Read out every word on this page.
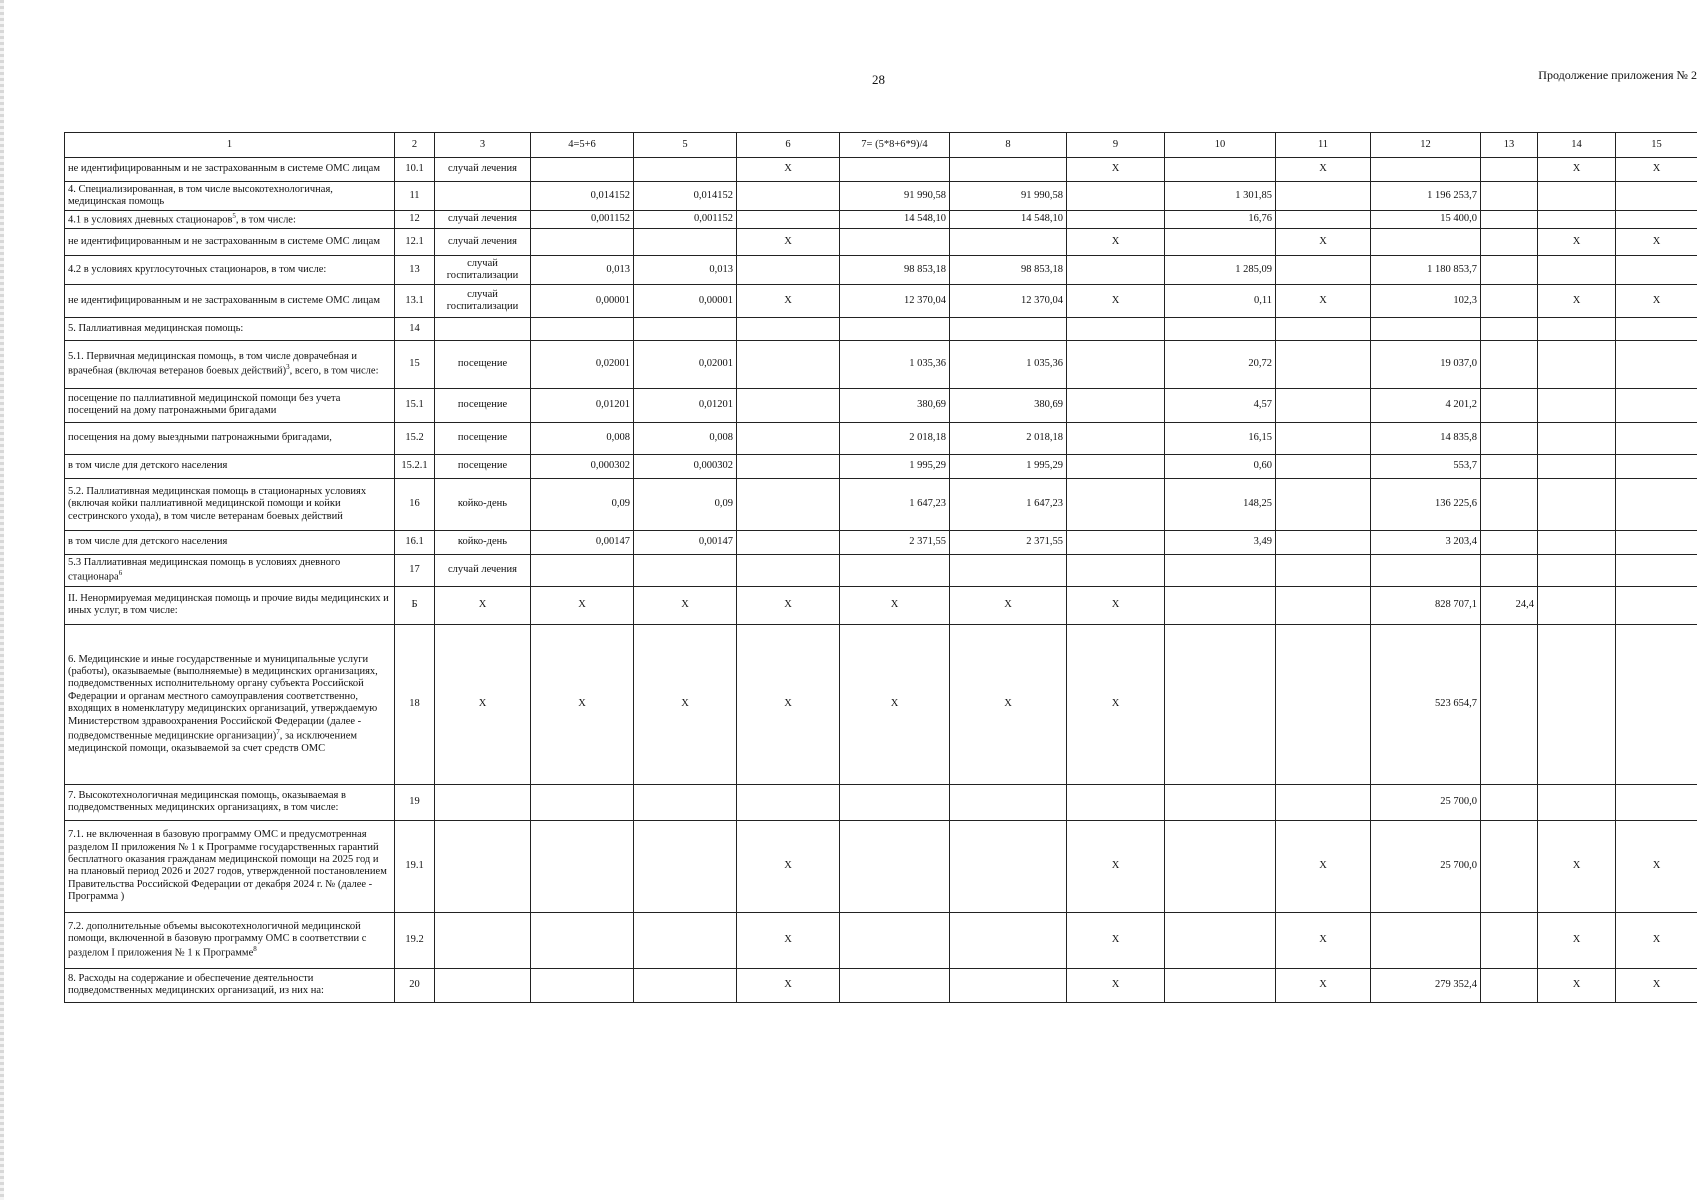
28	Продолжение приложения № 2
1	2	3	4=5+6	5	6	7= (5*8+6*9)/4	8	9	10	11	12	13	14	15
не идентифицированным и не застрахованным в системе ОМС лицам	10.1	случай лечения			X			X		X			X	X
4. Специализированная, в том числе высокотехнологичная, медицинская помощь	11		0,014152	0,014152		91 990,58	91 990,58		1 301,85		1 196 253,7			
4.1 в условиях дневных стационаров$^5$, в том числе:	12	случай лечения	0,001152	0,001152		14 548,10	14 548,10		16,76		15 400,0			
не идентифицированным и не застрахованным в системе ОМС лицам	12.1	случай лечения			X			X		X			X	X
4.2 в условиях круглосуточных стационаров, в том числе:	13	случай госпитализации	0,013	0,013		98 853,18	98 853,18		1 285,09		1 180 853,7			
не идентифицированным и не застрахованным в системе ОМС лицам	13.1	случай госпитализации	0,00001	0,00001	X	12 370,04	12 370,04	X	0,11	X	102,3		X	X
5. Паллиативная медицинская помощь:	14													
5.1. Первичная медицинская помощь, в том числе доврачебная и врачебная (включая ветеранов боевых действий)$^3$, всего, в том числе:	15	посещение	0,02001	0,02001		1 035,36	1 035,36		20,72		19 037,0			
посещение по паллиативной медицинской помощи без учета посещений на дому патронажными бригадами	15.1	посещение	0,01201	0,01201		380,69	380,69		4,57		4 201,2			
посещения на дому выездными патронажными бригадами,	15.2	посещение	0,008	0,008		2 018,18	2 018,18		16,15		14 835,8			
в том числе для детского населения	15.2.1	посещение	0,000302	0,000302		1 995,29	1 995,29		0,60		553,7			
5.2. Паллиативная медицинская помощь в стационарных условиях (включая койки паллиативной медицинской помощи и койки сестринского ухода), в том числе ветеранам боевых действий	16	койко-день	0,09	0,09		1 647,23	1 647,23		148,25		136 225,6			
в том числе для детского населения	16.1	койко-день	0,00147	0,00147		2 371,55	2 371,55		3,49		3 203,4			
5.3 Паллиативная медицинская помощь в условиях дневного стационара$^6$	17	случай лечения												
II. Ненормируемая медицинская помощь и прочие виды медицинских и иных услуг, в том числе:	Б	X	X	X	X	X	X	X			828 707,1	24,4		
6. Медицинские и иные государственные и муниципальные услуги (работы), оказываемые (выполняемые) в медицинских организациях, подведомственных исполнительному органу субъекта Российской Федерации и органам местного самоуправления соответственно, входящих в номенклатуру медицинских организаций, утверждаемую Министерством здравоохранения Российской Федерации (далее - подведомственные медицинские организации)$^7$, за исключением медицинской помощи, оказываемой за счет средств ОМС	18	X	X	X	X	X	X	X			523 654,7			
7. Высокотехнологичная медицинская помощь, оказываемая в подведомственных медицинских организациях, в том числе:	19										25 700,0			
7.1. не включенная в базовую программу ОМС и предусмотренная разделом II приложения № 1 к Программе государственных гарантий бесплатного оказания гражданам медицинской помощи на 2025 год и на плановый период 2026 и 2027 годов, утвержденной постановлением Правительства Российской Федерации от декабря 2024 г. № (далее - Программа )	19.1				X			X		X	25 700,0		X	X
7.2. дополнительные объемы высокотехнологичной медицинской помощи, включенной в базовую программу ОМС в соответствии с разделом I приложения № 1 к Программе$^8$	19.2				X			X		X			X	X
8. Расходы на содержание и обеспечение деятельности подведомственных медицинских организаций, из них на:	20				X			X		X	279 352,4		X	X
